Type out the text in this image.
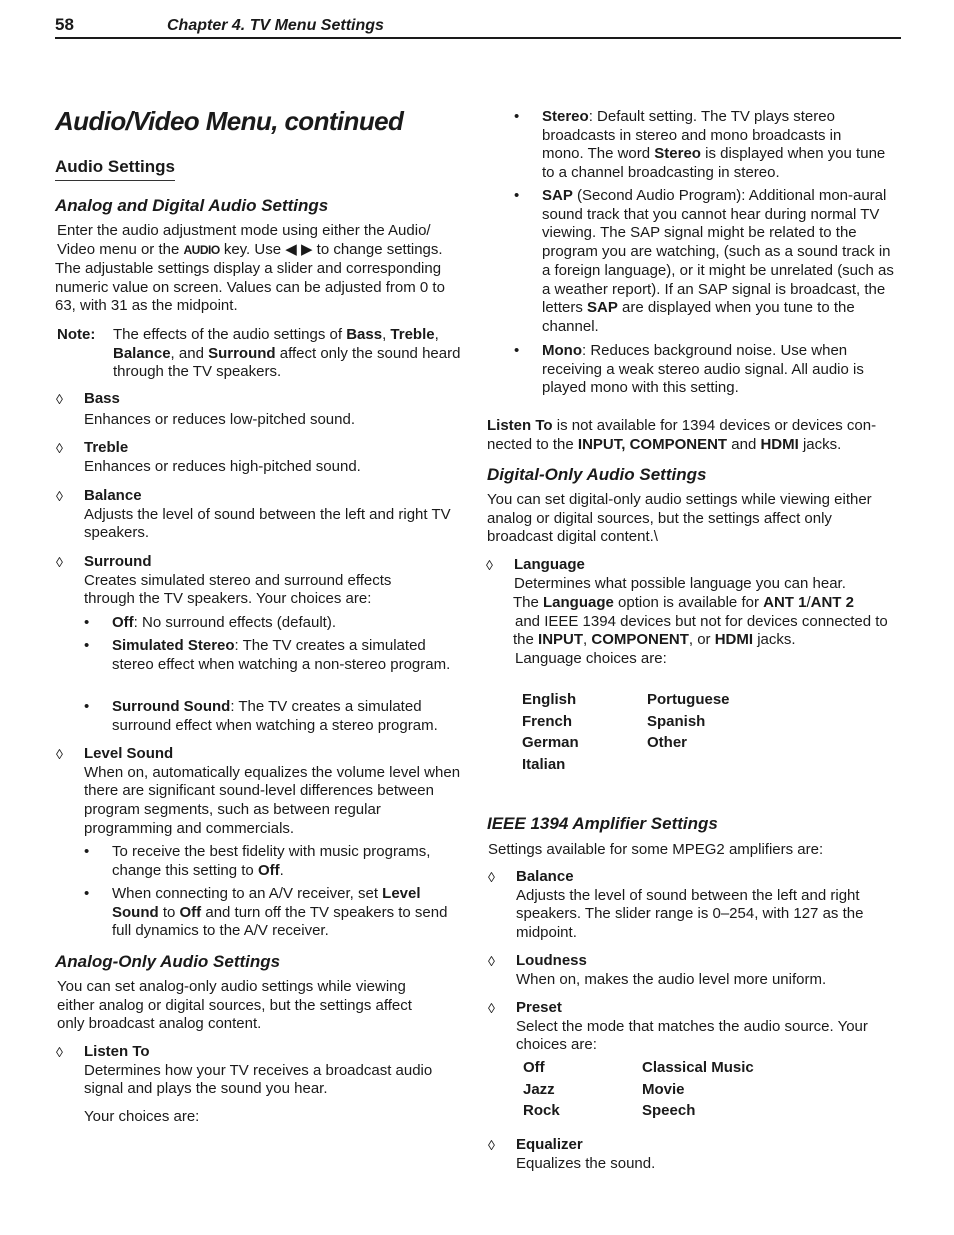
58	Chapter 4. TV Menu Settings
Audio/Video Menu, continued
Audio Settings
Analog and Digital Audio Settings
Enter the audio adjustment mode using either the Audio/
Video menu or the AUDIO key. Use ◀ ▶ to change settings.
The adjustable settings display a slider and corresponding numeric value on screen. Values can be adjusted from 0 to 63, with 31 as the midpoint.
Note: The effects of the audio settings of Bass, Treble,
Balance, and Surround affect only the sound heard through the TV speakers.
◊ Bass
Enhances or reduces low-pitched sound.
◊ Treble
Enhances or reduces high-pitched sound.
◊ Balance
Adjusts the level of sound between the left and right TV speakers.
◊ Surround
Creates simulated stereo and surround effects through the TV speakers. Your choices are:
• Off: No surround effects (default).
• Simulated Stereo: The TV creates a simulated stereo effect when watching a non-stereo program.
• Surround Sound: The TV creates a simulated surround effect when watching a stereo program.
◊ Level Sound
When on, automatically equalizes the volume level when there are significant sound-level differences between program segments, such as between regular programming and commercials.
• To receive the best fidelity with music programs, change this setting to Off.
• When connecting to an A/V receiver, set Level Sound to Off and turn off the TV speakers to send full dynamics to the A/V receiver.
Analog-Only Audio Settings
You can set analog-only audio settings while viewing either analog or digital sources, but the settings affect only broadcast analog content.
◊ Listen To
Determines how your TV receives a broadcast audio signal and plays the sound you hear.
Your choices are:
• Stereo: Default setting. The TV plays stereo broadcasts in stereo and mono broadcasts in mono. The word Stereo is displayed when you tune to a channel broadcasting in stereo.
• SAP (Second Audio Program): Additional mon-aural sound track that you cannot hear during normal TV viewing. The SAP signal might be related to the program you are watching, (such as a sound track in a foreign language), or it might be unrelated (such as a weather report). If an SAP signal is broadcast, the letters SAP are displayed when you tune to the channel.
• Mono: Reduces background noise. Use when receiving a weak stereo audio signal. All audio is played mono with this setting.
Listen To is not available for 1394 devices or devices con-nected to the INPUT, COMPONENT and HDMI jacks.
Digital-Only Audio Settings
You can set digital-only audio settings while viewing either analog or digital sources, but the settings affect only broadcast digital content.\
◊ Language
Determines what possible language you can hear.
The Language option is available for ANT 1/ANT 2
and IEEE 1394 devices but not for devices connected to the INPUT, COMPONENT, or HDMI jacks.
Language choices are:
English	Portuguese
French	Spanish
German	Other
Italian	
IEEE 1394 Amplifier Settings
Settings available for some MPEG2 amplifiers are:
◊ Balance
Adjusts the level of sound between the left and right speakers. The slider range is 0–254, with 127 as the midpoint.
◊ Loudness
When on, makes the audio level more uniform.
◊ Preset
Select the mode that matches the audio source. Your choices are:
Off	Classical Music
Jazz	Movie
Rock	Speech
◊ Equalizer
Equalizes the sound.
